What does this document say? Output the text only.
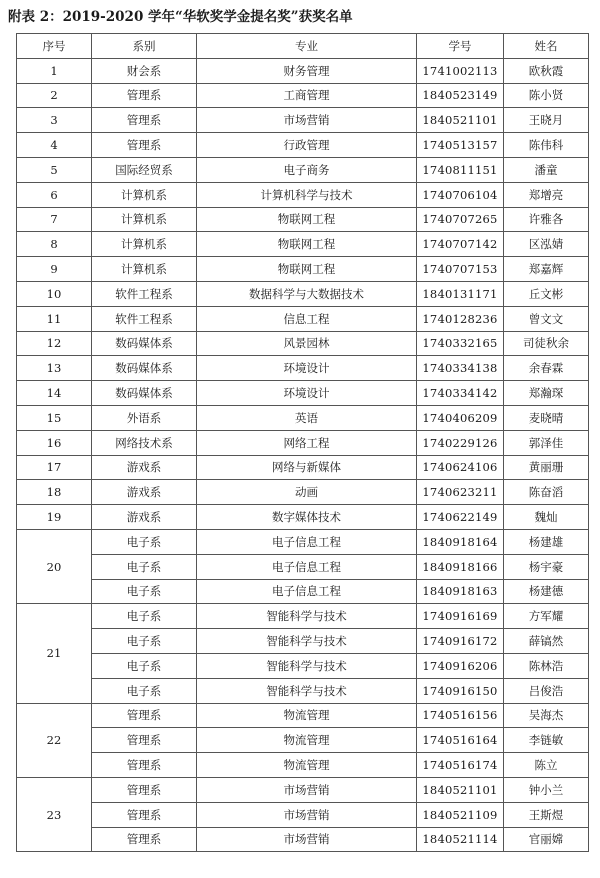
附表 2：2019-2020 学年“华软奖学金提名奖”获奖名单
序号	系别	专业	学号	姓名
1	财会系	财务管理	1741002113	欧秋霞
2	管理系	工商管理	1840523149	陈小贤
3	管理系	市场营销	1840521101	王晓月
4	管理系	行政管理	1740513157	陈伟科
5	国际经贸系	电子商务	1740811151	潘童
6	计算机系	计算机科学与技术	1740706104	郑增亮
7	计算机系	物联网工程	1740707265	许雅各
8	计算机系	物联网工程	1740707142	区泓婧
9	计算机系	物联网工程	1740707153	郑嘉辉
10	软件工程系	数据科学与大数据技术	1840131171	丘文彬
11	软件工程系	信息工程	1740128236	曾文文
12	数码媒体系	风景园林	1740332165	司徒秋余
13	数码媒体系	环境设计	1740334138	余春霖
14	数码媒体系	环境设计	1740334142	郑瀚琛
15	外语系	英语	1740406209	麦晓晴
16	网络技术系	网络工程	1740229126	郭泽佳
17	游戏系	网络与新媒体	1740624106	黄丽珊
18	游戏系	动画	1740623211	陈奋滔
19	游戏系	数字媒体技术	1740622149	魏灿
20	电子系	电子信息工程	1840918164	杨建雄
	电子系	电子信息工程	1840918166	杨宇豪
	电子系	电子信息工程	1840918163	杨建德
21	电子系	智能科学与技术	1740916169	方军耀
	电子系	智能科学与技术	1740916172	薛镐然
	电子系	智能科学与技术	1740916206	陈林浩
	电子系	智能科学与技术	1740916150	吕俊浩
22	管理系	物流管理	1740516156	吴海杰
	管理系	物流管理	1740516164	李链敏
	管理系	物流管理	1740516174	陈立
23	管理系	市场营销	1840521101	钟小兰
	管理系	市场营销	1840521109	王斯煜
	管理系	市场营销	1840521114	官丽嫦
